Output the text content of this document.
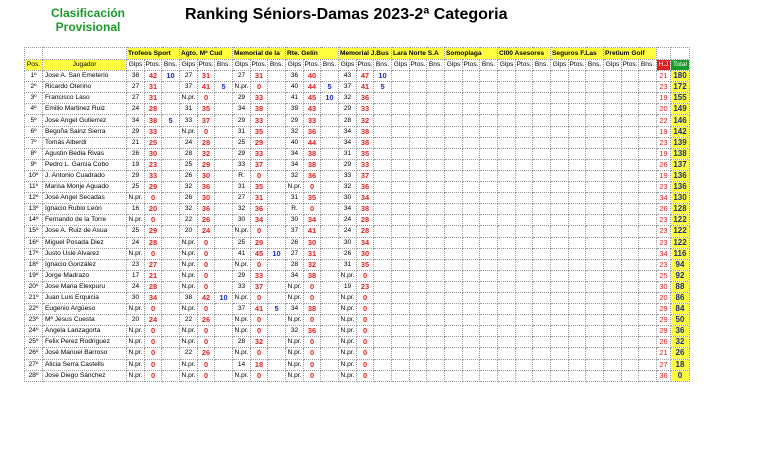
Clasificación
Provisional
Ranking Séniors-Damas 2023-2ª Categoria
		Trofeos Sport			Agto. Mª Cud			Memorial de la			Rte. Gelín			Memorial J.Bus			Lara Norte S.A			Somoplaga			CI00 Asesores			Seguros F.Las			Pretium Golf				
Pos.	Jugador	Glps	Ptos.	Bns.	Glps	Ptos.	Bns.	Glps	Ptos.	Bns.	Glps	Ptos.	Bns.	Glps	Ptos.	Bns.	Glps	Ptos.	Bns.	Glps	Ptos.	Bns.	Glps	Ptos.	Bns.	Glps	Ptos.	Bns.	Glps	Ptos.	Bns.	H.J	Total
1º	Jose A. San Emeterio	38	42	10	27	31		27	31		36	40		43	47	10																21	180
2º	Ricardo Oterino	27	31		37	41	5	N.pr.	0		40	44	5	37	41	5																23	172
3º	Francisco Laso	27	31		N.pr.	0		29	33		41	45	10	32	36																	19	155
4º	Emilio Martinez Ruiz	24	28		31	35		34	38		39	43		29	33																	20	149
5º	Jose Angel Gutierrez	34	38	5	33	37		29	33		29	33		28	32																	22	146
6º	Begoña Sainz Sierra	29	33		N.pr.	0		31	35		32	36		34	38																	19	142
7º	Tomás Alberdi	21	25		24	28		25	29		40	44		34	38																	23	139
8º	Agustin Bedia Rivas	26	30		28	32		29	33		34	38		31	35																	19	138
9º	Pedro L. Garcia Cobo	19	23		25	29		33	37		34	38		29	33																	26	137
10º	J. Antonio Cuadrado	29	33		26	30		R.	0		32	36		33	37																	19	136
11º	Marisa Monje Aguado	25	29		32	36		31	35		N.pr.	0		32	36																	23	136
12º	José Angel Secadas	N.pr.	0		26	30		27	31		31	35		30	34																	34	130
13º	Ignacio Rubio León	16	20		32	36		32	36		R.	0		34	38																	26	128
14º	Fernando de la Torre	N.pr.	0		22	26		30	34		30	34		24	28																	23	122
15º	Jose A. Ruiz de Asua	25	29		20	24		N.pr.	0		37	41		24	28																	23	122
16º	Miguel Posada Diez	24	28		N.pr.	0		25	29		26	30		30	34																	23	122
17º	Justo Usle Alvarez	N.pr.	0		N.pr.	0		41	45	10	27	31		26	30																	34	116
18º	Ignacio González	23	27		N.pr.	0		N.pr.	0		28	32		31	35																	23	94
19º	Jorge Madrazo	17	21		N.pr.	0		29	33		34	38		N.pr.	0																	25	92
20º	Jose Maria Elexpuru	24	28		N.pr.	0		33	37		N.pr.	0		19	23																	30	88
21º	Juan Luis Erquicia	30	34		38	42	10	N.pr.	0		N.pr.	0		N.pr.	0																	20	86
22º	Eugenio Argüeso	N.pr.	0		N.pr.	0		37	41	5	34	38		N.pr.	0																	29	84
23º	Mª Jesus Cuesta	20	24		22	26		N.pr.	0		N.pr.	0		N.pr.	0																	29	50
24º	Angela Lanzagorta	N.pr.	0		N.pr.	0		N.pr.	0		32	36		N.pr.	0																	29	36
25º	Felix Perez Rodriguez	N.pr.	0		N.pr.	0		28	32		N.pr.	0		N.pr.	0																	26	32
26º	José Manuel Barroso	N.pr.	0		22	26		N.pr.	0		N.pr.	0		N.pr.	0																	21	26
27º	Alicia Serra Castells	N.pr.	0		N.pr.	0		14	18		N.pr.	0		N.pr.	0																	27	18
28º	Jose Diego Sánchez	N.pr.	0		N.pr.	0		N.pr.	0		N.pr.	0		N.pr.	0																	36	0
